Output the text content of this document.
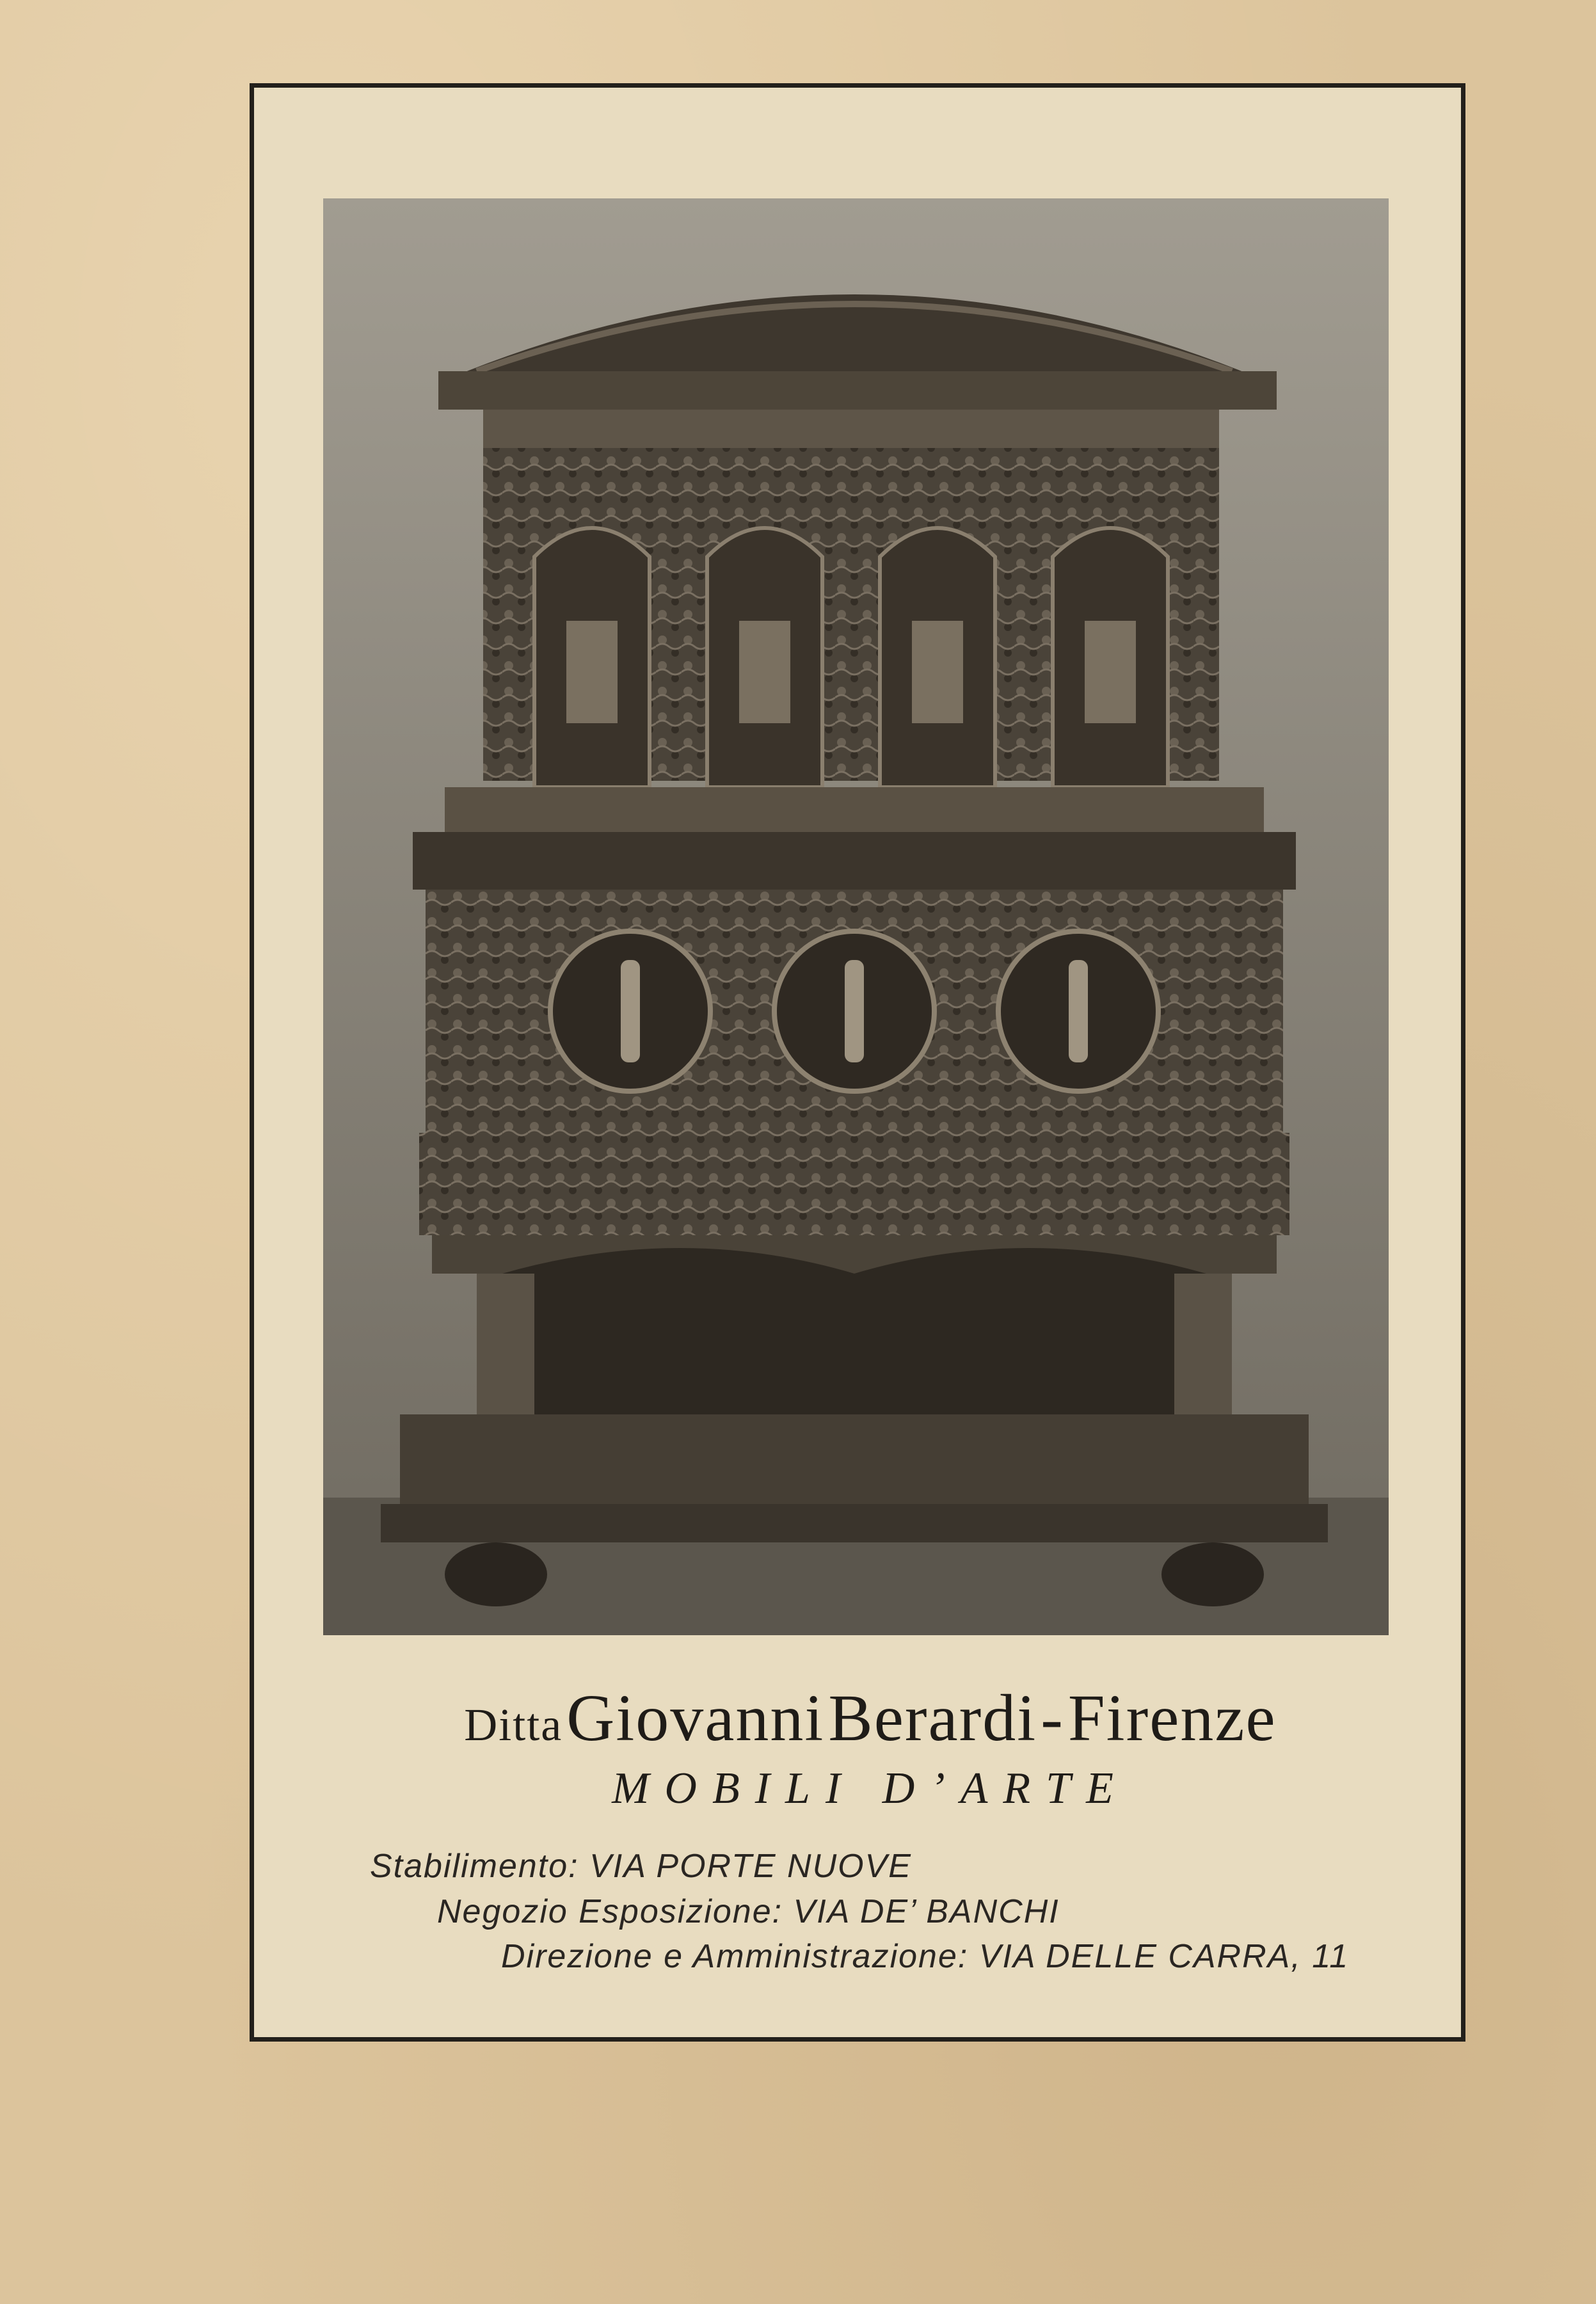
Ditta Giovanni Berardi - Firenze
MOBILI D’ARTE
Stabilimento: VIA PORTE NUOVE
Negozio Esposizione: VIA DE’ BANCHI
Direzione e Amministrazione: VIA DELLE CARRA, 11
